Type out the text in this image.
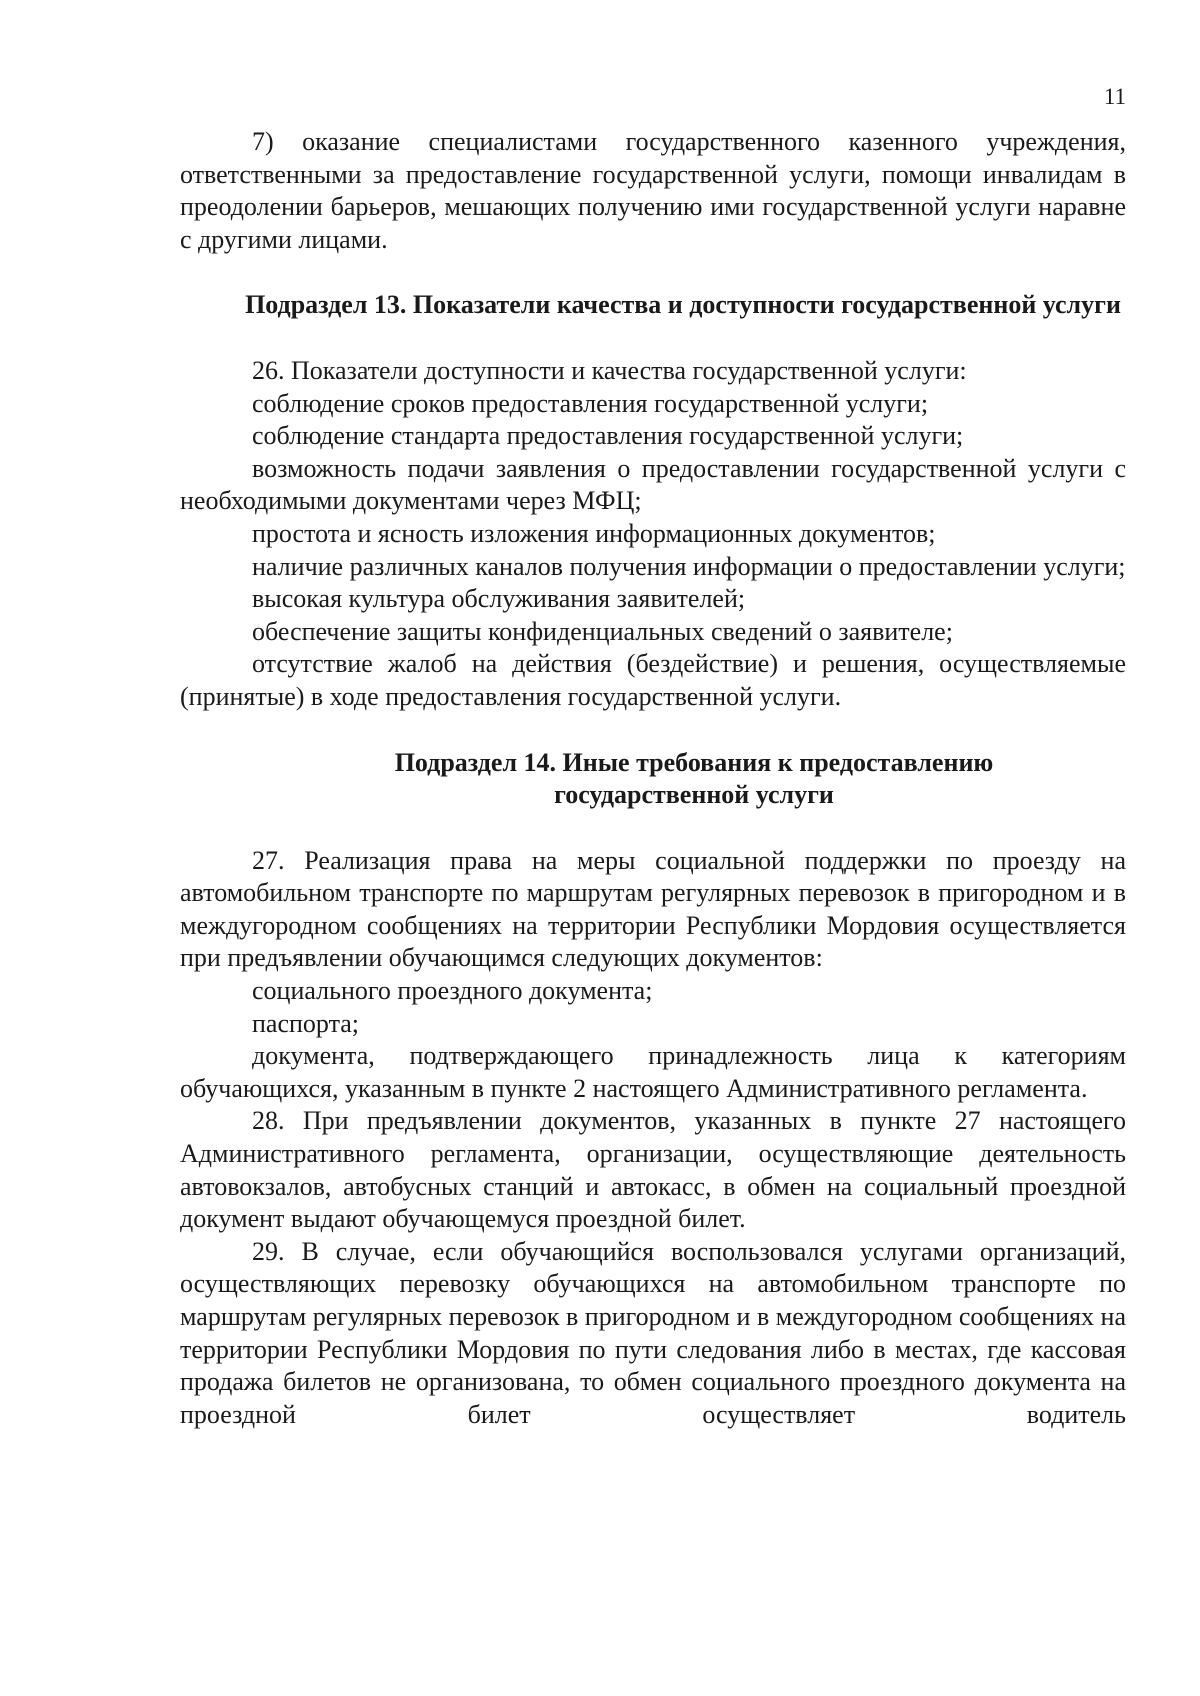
11

7) оказание специалистами государственного казенного учреждения, ответственными за предоставление государственной услуги, помощи инвалидам в преодолении барьеров, мешающих получению ими государственной услуги наравне с другими лицами.

Подраздел 13. Показатели качества и доступности государственной услуги

26. Показатели доступности и качества государственной услуги:

соблюдение сроков предоставления государственной услуги;

соблюдение стандарта предоставления государственной услуги;

возможность подачи заявления о предоставлении государственной услуги с необходимыми документами через МФЦ;

простота и ясность изложения информационных документов;

наличие различных каналов получения информации о предоставлении услуги;

высокая культура обслуживания заявителей;

обеспечение защиты конфиденциальных сведений о заявителе;

отсутствие жалоб на действия (бездействие) и решения, осуществляемые (принятые) в ходе предоставления государственной услуги.

Подраздел 14. Иные требования к предоставлению государственной услуги

27. Реализация права на меры социальной поддержки по проезду на автомобильном транспорте по маршрутам регулярных перевозок в пригородном и в междугородном сообщениях на территории Республики Мордовия осуществляется при предъявлении обучающимся следующих документов:

социального проездного документа;

паспорта;

документа, подтверждающего принадлежность лица к категориям обучающихся, указанным в пункте 2 настоящего Административного регламента.

28. При предъявлении документов, указанных в пункте 27 настоящего Административного регламента, организации, осуществляющие деятельность автовокзалов, автобусных станций и автокасс, в обмен на социальный проездной документ выдают обучающемуся проездной билет.

29. В случае, если обучающийся воспользовался услугами организаций, осуществляющих перевозку обучающихся на автомобильном транспорте по маршрутам регулярных перевозок в пригородном и в междугородном сообщениях на территории Республики Мордовия по пути следования либо в местах, где кассовая продажа билетов не организована, то обмен социального проездного документа на проездной билет осуществляет водитель
